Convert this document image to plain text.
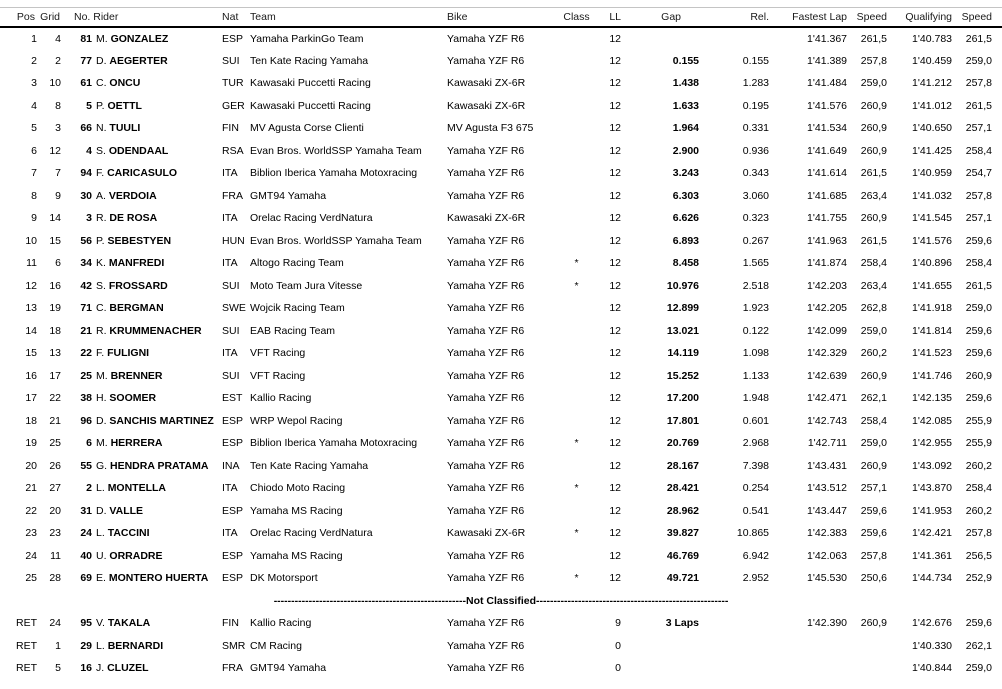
Pos	Grid	No. Rider		Nat	Team	Bike	Class	LL	Gap	Rel.	Fastest Lap	Speed	Qualifying	Speed	
1	4	81	M. GONZALEZ	ESP	Yamaha ParkinGo Team	Yamaha YZF R6		12			1'41.367	261,5	1'40.783	261,5	
2	2	77	D. AEGERTER	SUI	Ten Kate Racing Yamaha	Yamaha YZF R6		12	0.155	0.155	1'41.389	257,8	1'40.459	259,0	
3	10	61	C. ONCU	TUR	Kawasaki Puccetti Racing	Kawasaki ZX-6R		12	1.438	1.283	1'41.484	259,0	1'41.212	257,8	
4	8	5	P. OETTL	GER	Kawasaki Puccetti Racing	Kawasaki ZX-6R		12	1.633	0.195	1'41.576	260,9	1'41.012	261,5	
5	3	66	N. TUULI	FIN	MV Agusta Corse Clienti	MV Agusta F3 675		12	1.964	0.331	1'41.534	260,9	1'40.650	257,1	
6	12	4	S. ODENDAAL	RSA	Evan Bros. WorldSSP Yamaha Team	Yamaha YZF R6		12	2.900	0.936	1'41.649	260,9	1'41.425	258,4	
7	7	94	F. CARICASULO	ITA	Biblion Iberica Yamaha Motoxracing	Yamaha YZF R6		12	3.243	0.343	1'41.614	261,5	1'40.959	254,7	
8	9	30	A. VERDOIA	FRA	GMT94 Yamaha	Yamaha YZF R6		12	6.303	3.060	1'41.685	263,4	1'41.032	257,8	
9	14	3	R. DE ROSA	ITA	Orelac Racing VerdNatura	Kawasaki ZX-6R		12	6.626	0.323	1'41.755	260,9	1'41.545	257,1	
10	15	56	P. SEBESTYEN	HUN	Evan Bros. WorldSSP Yamaha Team	Yamaha YZF R6		12	6.893	0.267	1'41.963	261,5	1'41.576	259,6	
11	6	34	K. MANFREDI	ITA	Altogo Racing Team	Yamaha YZF R6	*	12	8.458	1.565	1'41.874	258,4	1'40.896	258,4	
12	16	42	S. FROSSARD	SUI	Moto Team Jura Vitesse	Yamaha YZF R6	*	12	10.976	2.518	1'42.203	263,4	1'41.655	261,5	
13	19	71	C. BERGMAN	SWE	Wojcik Racing Team	Yamaha YZF R6		12	12.899	1.923	1'42.205	262,8	1'41.918	259,0	
14	18	21	R. KRUMMENACHER	SUI	EAB Racing Team	Yamaha YZF R6		12	13.021	0.122	1'42.099	259,0	1'41.814	259,6	
15	13	22	F. FULIGNI	ITA	VFT Racing	Yamaha YZF R6		12	14.119	1.098	1'42.329	260,2	1'41.523	259,6	
16	17	25	M. BRENNER	SUI	VFT Racing	Yamaha YZF R6		12	15.252	1.133	1'42.639	260,9	1'41.746	260,9	
17	22	38	H. SOOMER	EST	Kallio Racing	Yamaha YZF R6		12	17.200	1.948	1'42.471	262,1	1'42.135	259,6	
18	21	96	D. SANCHIS MARTINEZ	ESP	WRP Wepol Racing	Yamaha YZF R6		12	17.801	0.601	1'42.743	258,4	1'42.085	255,9	
19	25	6	M. HERRERA	ESP	Biblion Iberica Yamaha Motoxracing	Yamaha YZF R6	*	12	20.769	2.968	1'42.711	259,0	1'42.955	255,9	
20	26	55	G. HENDRA PRATAMA	INA	Ten Kate Racing Yamaha	Yamaha YZF R6		12	28.167	7.398	1'43.431	260,9	1'43.092	260,2	
21	27	2	L. MONTELLA	ITA	Chiodo Moto Racing	Yamaha YZF R6	*	12	28.421	0.254	1'43.512	257,1	1'43.870	258,4	
22	20	31	D. VALLE	ESP	Yamaha MS Racing	Yamaha YZF R6		12	28.962	0.541	1'43.447	259,6	1'41.953	260,2	
23	23	24	L. TACCINI	ITA	Orelac Racing VerdNatura	Kawasaki ZX-6R	*	12	39.827	10.865	1'42.383	259,6	1'42.421	257,8	
24	11	40	U. ORRADRE	ESP	Yamaha MS Racing	Yamaha YZF R6		12	46.769	6.942	1'42.063	257,8	1'41.361	256,5	
25	28	69	E. MONTERO HUERTA	ESP	DK Motorsport	Yamaha YZF R6	*	12	49.721	2.952	1'45.530	250,6	1'44.734	252,9	
-------------------------------------------------------Not Classified-------------------------------------------------------															
RET	24	95	V. TAKALA	FIN	Kallio Racing	Yamaha YZF R6		9	3 Laps		1'42.390	260,9	1'42.676	259,6	
RET	1	29	L. BERNARDI	SMR	CM Racing	Yamaha YZF R6		0					1'40.330	262,1	
RET	5	16	J. CLUZEL	FRA	GMT94 Yamaha	Yamaha YZF R6		0					1'40.844	259,0	
